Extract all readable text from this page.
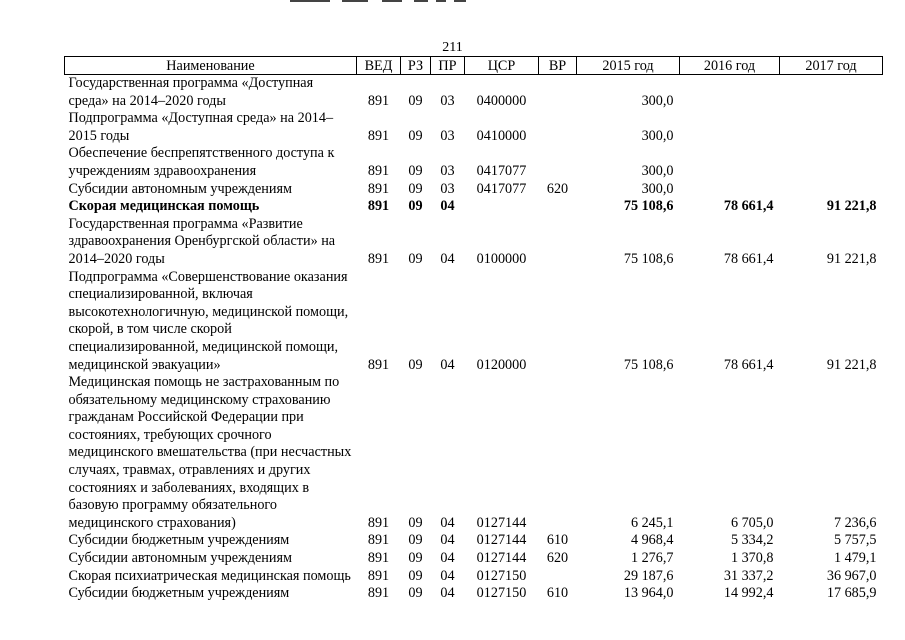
211
Наименование	ВЕД	РЗ	ПР	ЦСР	ВР	2015 год	2016 год	2017 год
Государственная программа «Доступная среда» на 2014–2020 годы	891	09	03	0400000		300,0		
Подпрограмма «Доступная среда» на 2014–2015 годы	891	09	03	0410000		300,0		
Обеспечение беспрепятственного доступа к учреждениям здравоохранения	891	09	03	0417077		300,0		
Субсидии автономным учреждениям	891	09	03	0417077	620	300,0		
Скорая медицинская помощь	891	09	04			75 108,6	78 661,4	91 221,8
Государственная программа «Развитие здравоохранения Оренбургской области» на 2014–2020 годы	891	09	04	0100000		75 108,6	78 661,4	91 221,8
Подпрограмма «Совершенствование оказания специализированной, включая высокотехнологичную, медицинской помощи, скорой, в том числе скорой специализированной, медицинской помощи, медицинской эвакуации»	891	09	04	0120000		75 108,6	78 661,4	91 221,8
Медицинская помощь не застрахованным по обязательному медицинскому страхованию гражданам Российской Федерации при состояниях, требующих срочного медицинского вмешательства (при несчастных случаях, травмах, отравлениях и других состояниях и заболеваниях, входящих в базовую программу обязательного медицинского страхования)	891	09	04	0127144		6 245,1	6 705,0	7 236,6
Субсидии бюджетным учреждениям	891	09	04	0127144	610	4 968,4	5 334,2	5 757,5
Субсидии автономным учреждениям	891	09	04	0127144	620	1 276,7	1 370,8	1 479,1
Скорая психиатрическая медицинская помощь	891	09	04	0127150		29 187,6	31 337,2	36 967,0
Субсидии бюджетным учреждениям	891	09	04	0127150	610	13 964,0	14 992,4	17 685,9
